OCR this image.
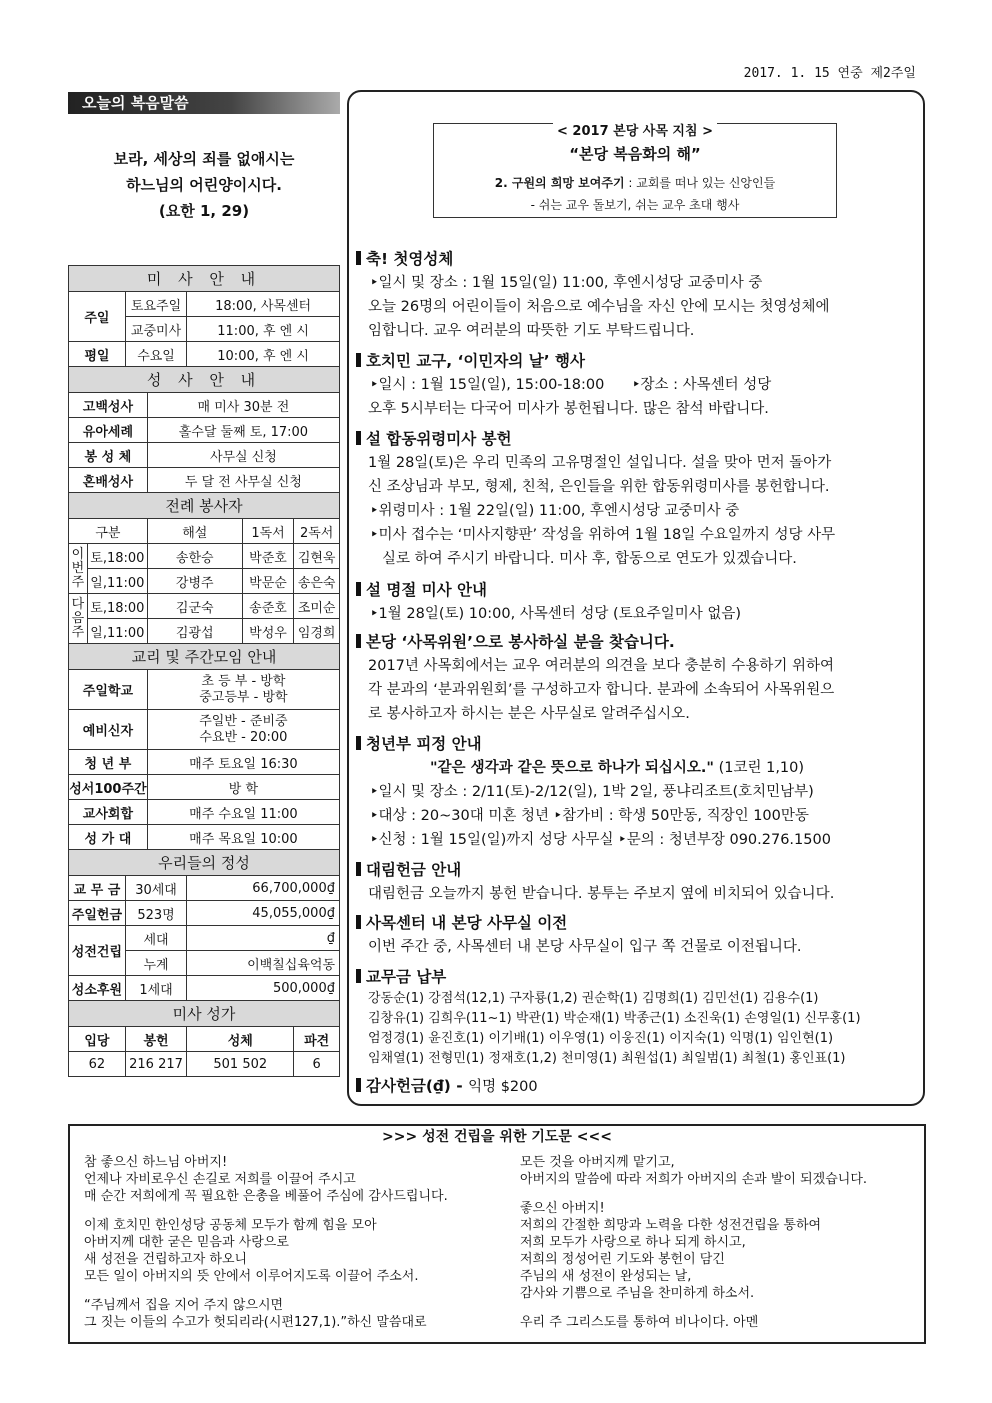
2017. 1. 15 연중 제2주일
오늘의 복음말씀
보라, 세상의 죄를 없애시는
하느님의 어린양이시다.
(요한 1, 29)
미 사 안 내						
주일		토요주일		18:00, 사목센터		
		교중미사		11:00, 후 엔 시		
평일		수요일		10:00, 후 엔 시		
성 사 안 내						
고백성사			매 미사 30분 전			
유아세례			홀수달 둘째 토, 17:00			
봉 성 체			사무실 신청			
혼배성사			두 달 전 사무실 신청			
전례 봉사자						
구분			해설		1독서	2독서
이번주	토,18:00		송한승		박준호	김현욱
	일,11:00		강병주		박문순	송은숙
다음주	토,18:00		김군숙		송준호	조미순
	일,11:00		김광섭		박성우	임경희
교리 및 주간모임 안내						
주일학교			초 등 부 - 방학
중고등부 - 방학			

예비신자			주일반 - 준비중
수요반 - 20:00			

청 년 부			매주 토요일 16:30			
성서100주간			방 학			
교사회합			매주 수요일 11:00			
성 가 대			매주 목요일 10:00			
우리들의 정성						
교 무 금		30세대		66,700,000₫		
주일헌금		523명		45,055,000₫		
성전건립		세대		₫		
		누계		이백칠십육억동		
성소후원		1세대		500,000₫		
미사 성가						
입당		봉헌		성체		파견
62		216 217		501 502		6
< 2017 본당 사목 지침 >
“본당 복음화의 해”
2. 구원의 희망 보여주기 : 교회를 떠나 있는 신앙인들
- 쉬는 교우 돌보기, 쉬는 교우 초대 행사
축! 첫영성체
‣일시 및 장소 : 1월 15일(일) 11:00, 후엔시성당 교중미사 중
오늘 26명의 어린이들이 처음으로 예수님을 자신 안에 모시는 첫영성체에
임합니다. 교우 여러분의 따뜻한 기도 부탁드립니다.
호치민 교구, ‘이민자의 날’ 행사
‣일시 : 1월 15일(일), 15:00-18:00      ‣장소 : 사목센터 성당
오후 5시부터는 다국어 미사가 봉헌됩니다. 많은 참석 바랍니다.
설 합동위령미사 봉헌
1월 28일(토)은 우리 민족의 고유명절인 설입니다. 설을 맞아 먼저 돌아가
신 조상님과 부모, 형제, 친척, 은인들을 위한 합동위령미사를 봉헌합니다.
‣위령미사 : 1월 22일(일) 11:00, 후엔시성당 교중미사 중
‣미사 접수는 ‘미사지향판’ 작성을 위하여 1월 18일 수요일까지 성당 사무
실로 하여 주시기 바랍니다. 미사 후, 합동으로 연도가 있겠습니다.
설 명절 미사 안내
‣1월 28일(토) 10:00, 사목센터 성당 (토요주일미사 없음)
본당 ‘사목위원’으로 봉사하실 분을 찾습니다.
2017년 사목회에서는 교우 여러분의 의견을 보다 충분히 수용하기 위하여
각 분과의 ‘분과위원회’를 구성하고자 합니다. 분과에 소속되어 사목위원으
로 봉사하고자 하시는 분은 사무실로 알려주십시오.
청년부 피정 안내
"같은 생각과 같은 뜻으로 하나가 되십시오." (1코린 1,10)
‣일시 및 장소 : 2/11(토)-2/12(일), 1박 2일, 풍냐리조트(호치민남부)
‣대상 : 20~30대 미혼 청년 ‣참가비 : 학생 50만동, 직장인 100만동
‣신청 : 1월 15일(일)까지 성당 사무실 ‣문의 : 청년부장 090.276.1500
대림헌금 안내
대림헌금 오늘까지 봉헌 받습니다. 봉투는 주보지 옆에 비치되어 있습니다.
사목센터 내 본당 사무실 이전
이번 주간 중, 사목센터 내 본당 사무실이 입구 쪽 건물로 이전됩니다.
교무금 납부
강동순(1) 강점석(12,1) 구자룡(1,2) 권순학(1) 김명희(1) 김민선(1) 김용수(1)
김창유(1) 김희우(11~1) 박관(1) 박순재(1) 박종근(1) 소진욱(1) 손영일(1) 신무홍(1)
엄정경(1) 윤진호(1) 이기배(1) 이우영(1) 이웅진(1) 이지숙(1) 익명(1) 임인현(1)
임채열(1) 전형민(1) 정재호(1,2) 천미영(1) 최원섭(1) 최일범(1) 최철(1) 홍인표(1)
감사헌금(₫) - 익명 $200
>>> 성전 건립을 위한 기도문 <<<
참 좋으신 하느님 아버지!
언제나 자비로우신 손길로 저희를 이끌어 주시고
매 순간 저희에게 꼭 필요한 은총을 베풀어 주심에 감사드립니다.
이제 호치민 한인성당 공동체 모두가 함께 힘을 모아
아버지께 대한 굳은 믿음과 사랑으로
새 성전을 건립하고자 하오니
모든 일이 아버지의 뜻 안에서 이루어지도록 이끌어 주소서.
“주님께서 집을 지어 주지 않으시면
그 짓는 이들의 수고가 헛되리라(시편127,1).”하신 말씀대로
모든 것을 아버지께 맡기고,
아버지의 말씀에 따라 저희가 아버지의 손과 발이 되겠습니다.
좋으신 아버지!
저희의 간절한 희망과 노력을 다한 성전건립을 통하여
저희 모두가 사랑으로 하나 되게 하시고,
저희의 정성어린 기도와 봉헌이 담긴
주님의 새 성전이 완성되는 날,
감사와 기쁨으로 주님을 찬미하게 하소서.
우리 주 그리스도를 통하여 비나이다. 아멘
